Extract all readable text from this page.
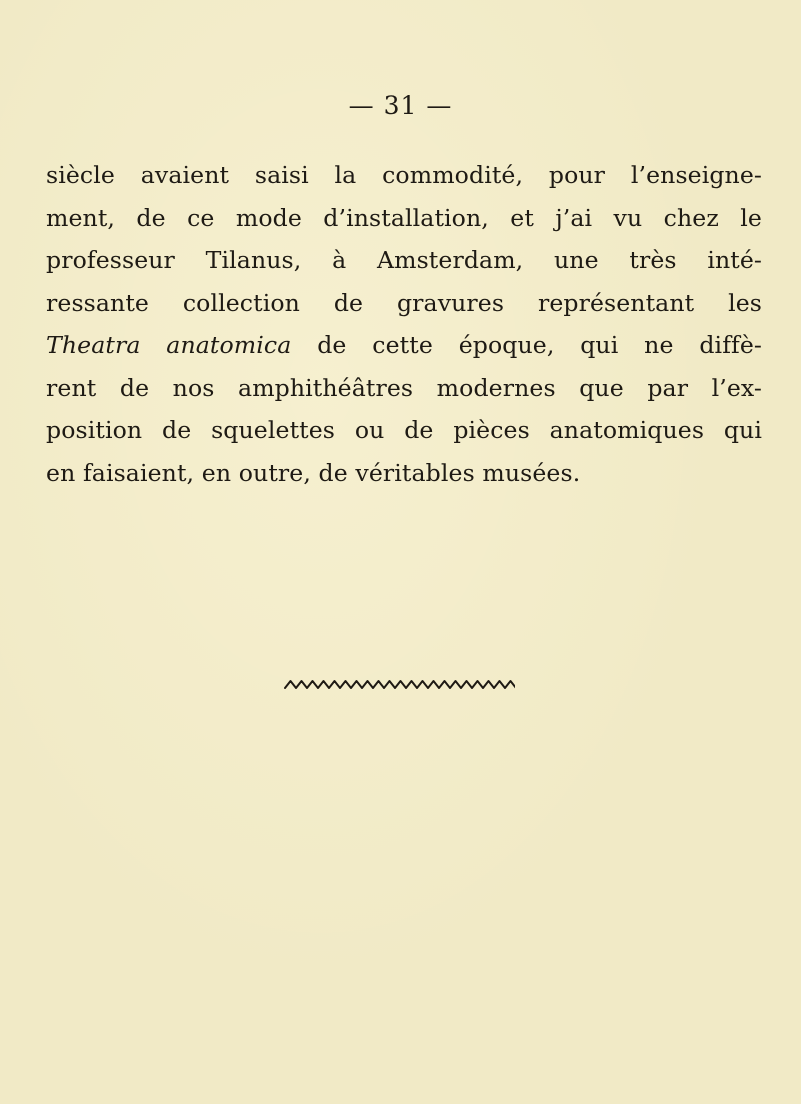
— 31 —
siècle avaient saisi la commodité, pour l’enseigne-
ment, de ce mode d’installation, et j’ai vu chez le
professeur Tilanus, à Amsterdam, une très inté-
ressante collection de gravures représentant les
Theatra anatomica de cette époque, qui ne diffè-
rent de nos amphithéâtres modernes que par l’ex-
position de squelettes ou de pièces anatomiques qui
en faisaient, en outre, de véritables musées.
